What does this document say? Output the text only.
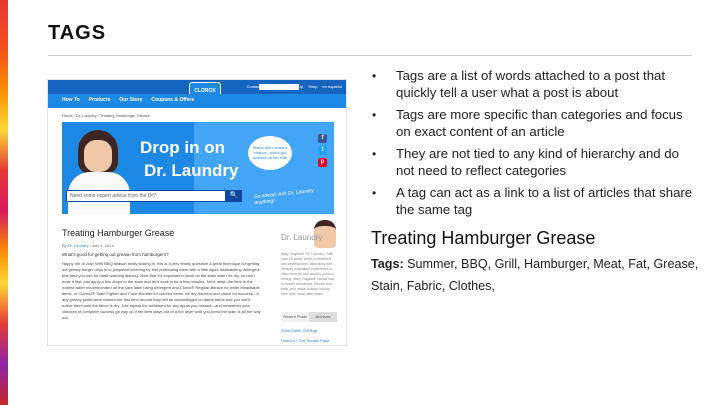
TAGS
Contact Us Sign In Sign Up Shop en español
CLOROX
How To Products Our Story Coupons & Offers
Home / Dr. Laundry / Treating Hamburger Grease
Drop in on
Dr. Laundry
Stains don't stand a chance - she's got science on her side
f
t
p
Need some expert advice from the Dr?	🔍	Go ahead. Ask Dr. Laundry anything!
Treating Hamburger Grease
By Dr. Laundry • July 4, 2014
What's good for getting out grease from hamburgers?
Happy 4th of July! With BBQ season really kicking in, this is a very timely question! A great technique for getting out greasy burger drips is to jumpstart cleaning by first pretreating them with a little liquid dishwashing detergent (the kind you use for hand washing dishes). Note that it's important to work on the stain when it's dry, so don't rinse it first: just apply a few drops to the stain and let it soak in for a few minutes. Next, wash the item in the hottest water recommended on the care label using detergent and Clorox® Regular-Bleach for white bleachable items, or Clorox2® Stain Fighter and Color Booster for colored items. Air dry the item and check for success—if any greasy spots were missed the first time around they will be camouflaged on damp fabric and you won't notice them until the fabric is dry. Just repeat the treatment for any spots you missed—and remember your chances of complete success go way up if the item stays out of a hot dryer until you know the stain is all the way out.
Dr. Laundry
Mary Gagliardi "Dr. Laundry" With over 15 years' worth of research and development, laboratory and sensory evaluation experience in stain removal and laundry product testing, Mary Gagliardi knows how to banish blemishes, resolve fuzz balls, and make clothes looking their best, wash after wash.
Recent Posts	Archives
Wine Bottle Gift Bag
How Do I Get Tomato Paint
• Tags are a list of words attached to a post that quickly tell a user what a post is about
• Tags are more specific than categories and focus on exact content of an article
• They are not tied to any kind of hierarchy and do not need to reflect categories
• A tag can act as a link to a list of articles that share the same tag
Treating Hamburger Grease
Tags: Summer, BBQ, Grill, Hamburger, Meat, Fat, Grease, Stain, Fabric, Clothes,
